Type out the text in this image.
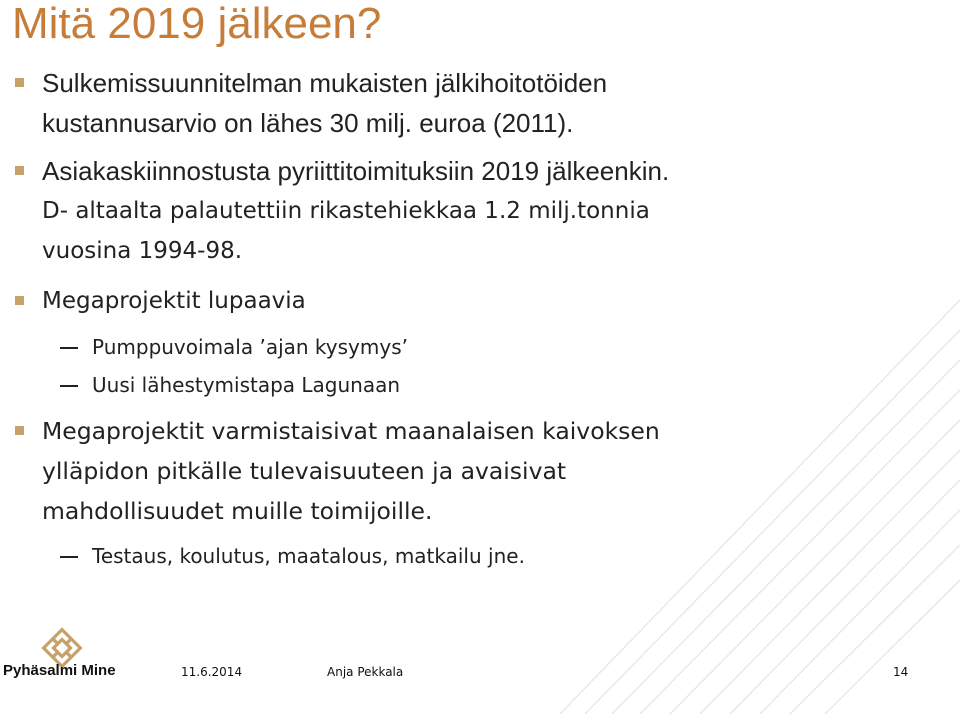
Mitä 2019 jälkeen?
Sulkemissuunnitelman mukaisten jälkihoitotöiden
kustannusarvio on lähes 30 milj. euroa (2011).
Asiakaskiinnostusta pyriittitoimituksiin 2019 jälkeenkin.
D- altaalta palautettiin rikastehiekkaa 1.2 milj.tonnia
vuosina 1994-98.
Megaprojektit lupaavia
Pumppuvoimala ’ajan kysymys’
Uusi lähestymistapa Lagunaan
Megaprojektit varmistaisivat maanalaisen kaivoksen
ylläpidon pitkälle tulevaisuuteen ja avaisivat
mahdollisuudet muille toimijoille.
Testaus, koulutus, maatalous, matkailu jne.
Pyhäsalmi Mine	11.6.2014	Anja Pekkala	14
